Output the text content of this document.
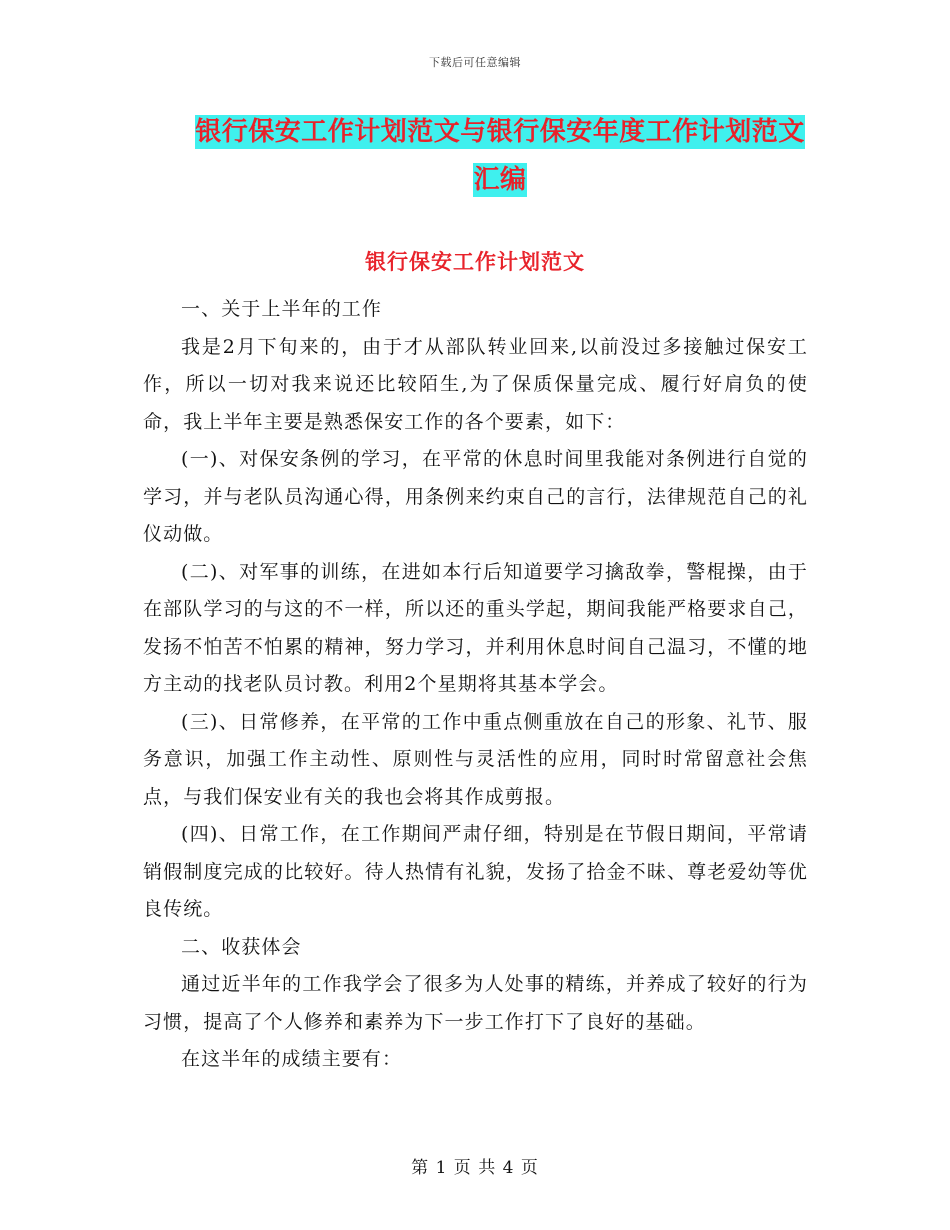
下载后可任意编辑
银行保安工作计划范文与银行保安年度工作计划范文
汇编
银行保安工作计划范文

一、关于上半年的工作

我是2月下旬来的，由于才从部队转业回来,以前没过多接触过保安工作，所以一切对我来说还比较陌生,为了保质保量完成、履行好肩负的使命，我上半年主要是熟悉保安工作的各个要素，如下：

(一)、对保安条例的学习，在平常的休息时间里我能对条例进行自觉的学习，并与老队员沟通心得，用条例来约束自己的言行，法律规范自己的礼仪动做。

(二)、对军事的训练，在进如本行后知道要学习擒敌拳，警棍操，由于在部队学习的与这的不一样，所以还的重头学起，期间我能严格要求自己，发扬不怕苦不怕累的精神，努力学习，并利用休息时间自己温习，不懂的地方主动的找老队员讨教。利用2个星期将其基本学会。

(三)、日常修养，在平常的工作中重点侧重放在自己的形象、礼节、服务意识，加强工作主动性、原则性与灵活性的应用，同时时常留意社会焦点，与我们保安业有关的我也会将其作成剪报。

(四)、日常工作，在工作期间严肃仔细，特别是在节假日期间，平常请销假制度完成的比较好。待人热情有礼貌，发扬了拾金不昧、尊老爱幼等优良传统。

二、收获体会

通过近半年的工作我学会了很多为人处事的精练，并养成了较好的行为习惯，提高了个人修养和素养为下一步工作打下了良好的基础。

在这半年的成绩主要有：

第 1 页 共 4 页
